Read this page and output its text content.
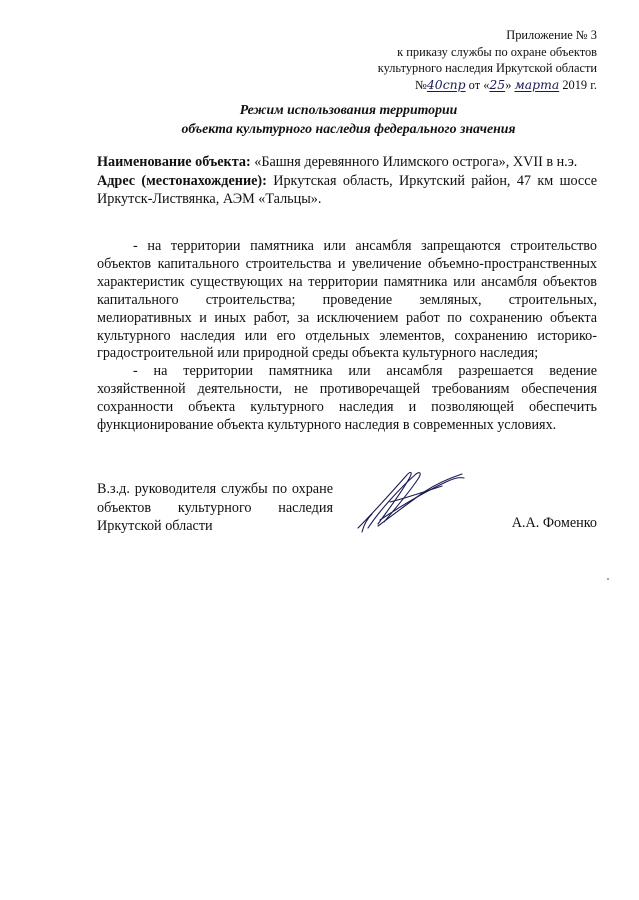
Приложение № 3
к приказу службы по охране объектов
культурного наследия Иркутской области
№40спр от «25» марта 2019 г.
Режим использования территории
объекта культурного наследия федерального значения

Наименование объекта: «Башня деревянного Илимского острога», XVII в н.э.

Адрес (местонахождение): Иркутская область, Иркутский район, 47 км шоссе Иркутск-Листвянка, АЭМ «Тальцы».

- на территории памятника или ансамбля запрещаются строительство объектов капитального строительства и увеличение объемно-пространственных характеристик существующих на территории памятника или ансамбля объектов капитального строительства; проведение земляных, строительных, мелиоративных и иных работ, за исключением работ по сохранению объекта культурного наследия или его отдельных элементов, сохранению историко-градостроительной или природной среды объекта культурного наследия;

- на территории памятника или ансамбля разрешается ведение хозяйственной деятельности, не противоречащей требованиям обеспечения сохранности объекта культурного наследия и позволяющей обеспечить функционирование объекта культурного наследия в современных условиях.

В.з.д. руководителя службы по охране объектов культурного наследия Иркутской области	А.А. Фоменко
